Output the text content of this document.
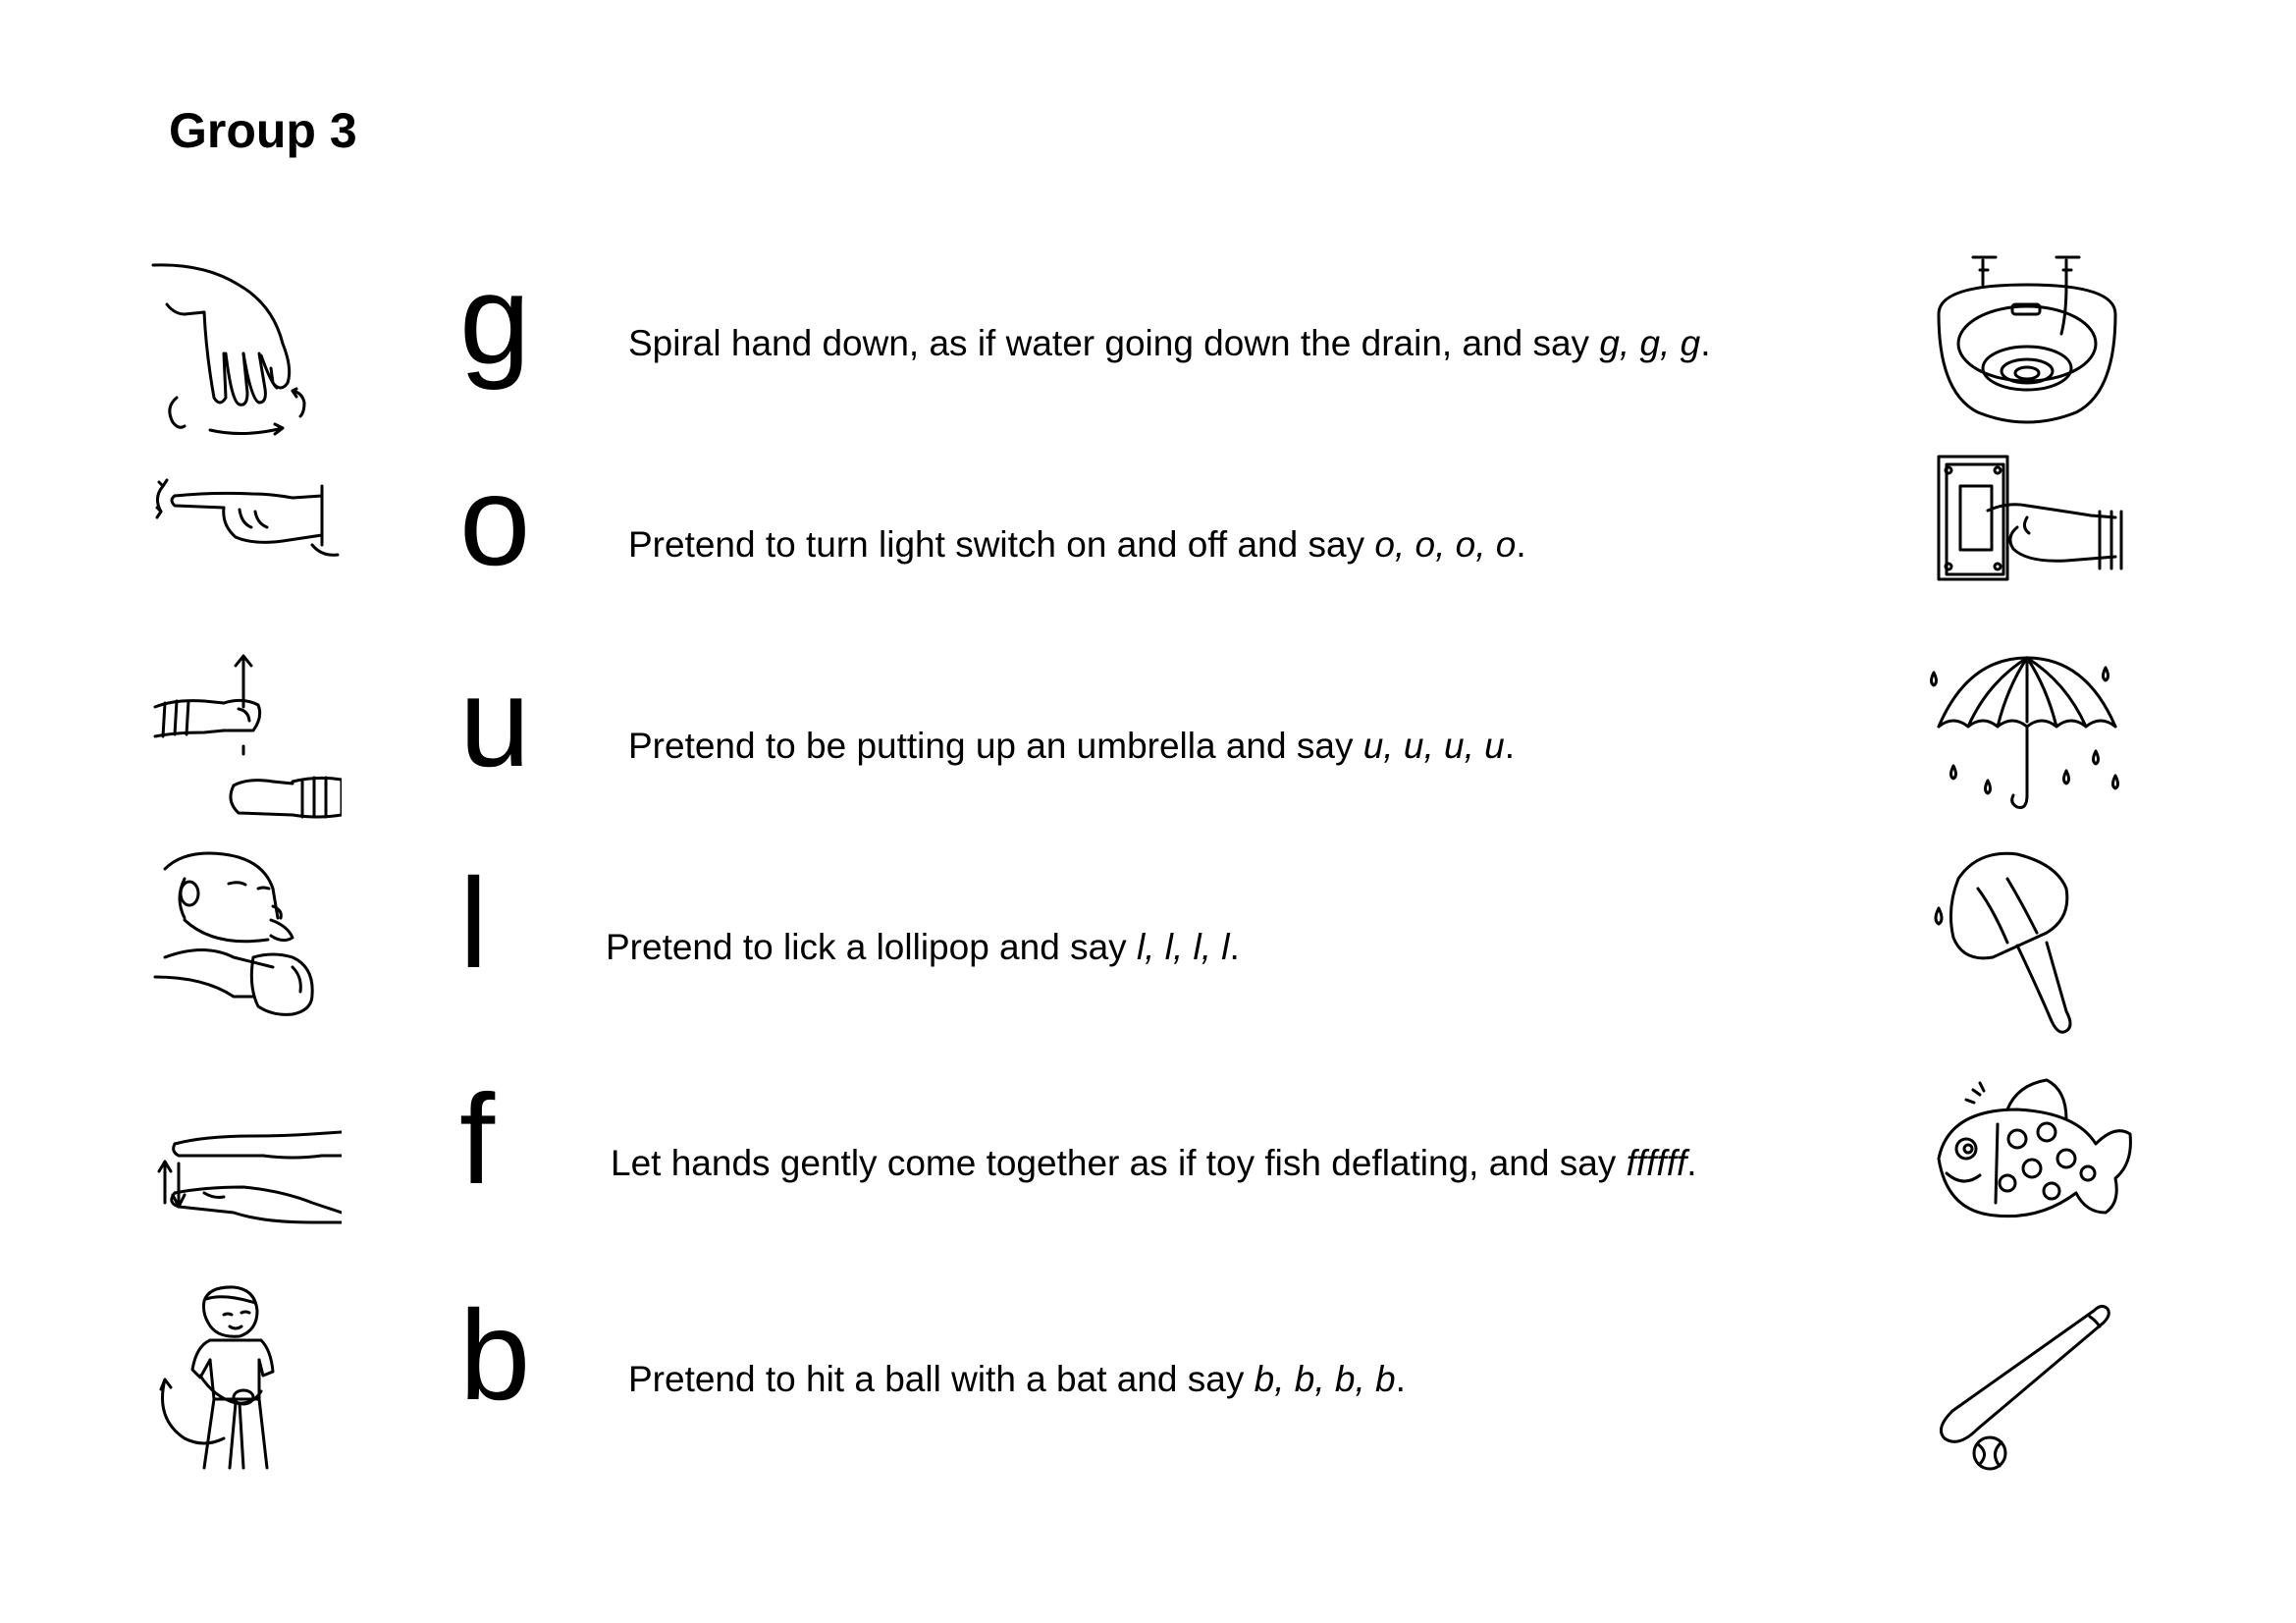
Group 3
g	Spiral hand down, as if water going down the drain, and say
g, g, g .
o	Pretend to turn light switch on and off and say
o, o, o, o .
u	Pretend to be putting up an umbrella and say
u, u, u, u .
l	Pretend to lick a lollipop and say
l, l, l, l .
f	Let hands gently come together as if toy fish deflating, and say
ffffff .
b	Pretend to hit a ball with a bat and say
b, b, b, b .
